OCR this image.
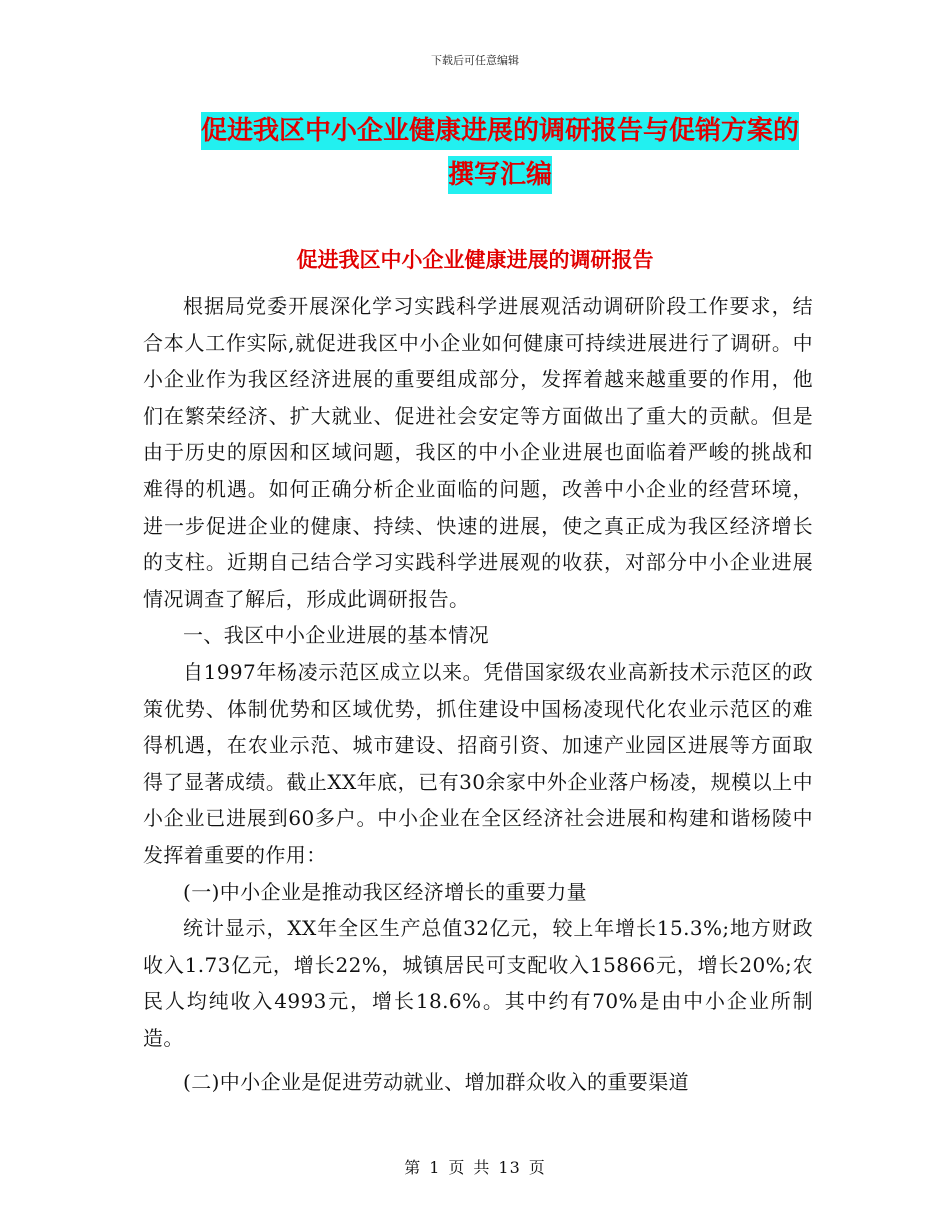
下载后可任意编辑
促进我区中小企业健康进展的调研报告与促销方案的
撰写汇编
促进我区中小企业健康进展的调研报告

根据局党委开展深化学习实践科学进展观活动调研阶段工作要求，结合本人工作实际,就促进我区中小企业如何健康可持续进展进行了调研。中小企业作为我区经济进展的重要组成部分，发挥着越来越重要的作用，他们在繁荣经济、扩大就业、促进社会安定等方面做出了重大的贡献。但是由于历史的原因和区域问题，我区的中小企业进展也面临着严峻的挑战和难得的机遇。如何正确分析企业面临的问题，改善中小企业的经营环境，进一步促进企业的健康、持续、快速的进展，使之真正成为我区经济增长的支柱。近期自己结合学习实践科学进展观的收获，对部分中小企业进展情况调查了解后，形成此调研报告。

一、我区中小企业进展的基本情况

自1997年杨凌示范区成立以来。凭借国家级农业高新技术示范区的政策优势、体制优势和区域优势，抓住建设中国杨凌现代化农业示范区的难得机遇，在农业示范、城市建设、招商引资、加速产业园区进展等方面取得了显著成绩。截止XX年底，已有30余家中外企业落户杨凌，规模以上中小企业已进展到60多户。中小企业在全区经济社会进展和构建和谐杨陵中发挥着重要的作用：

(一)中小企业是推动我区经济增长的重要力量

统计显示，XX年全区生产总值32亿元，较上年增长15.3%;地方财政收入1.73亿元，增长22%，城镇居民可支配收入15866元，增长20%;农民人均纯收入4993元，增长18.6%。其中约有70%是由中小企业所制造。

(二)中小企业是促进劳动就业、增加群众收入的重要渠道

第 1 页 共 13 页
